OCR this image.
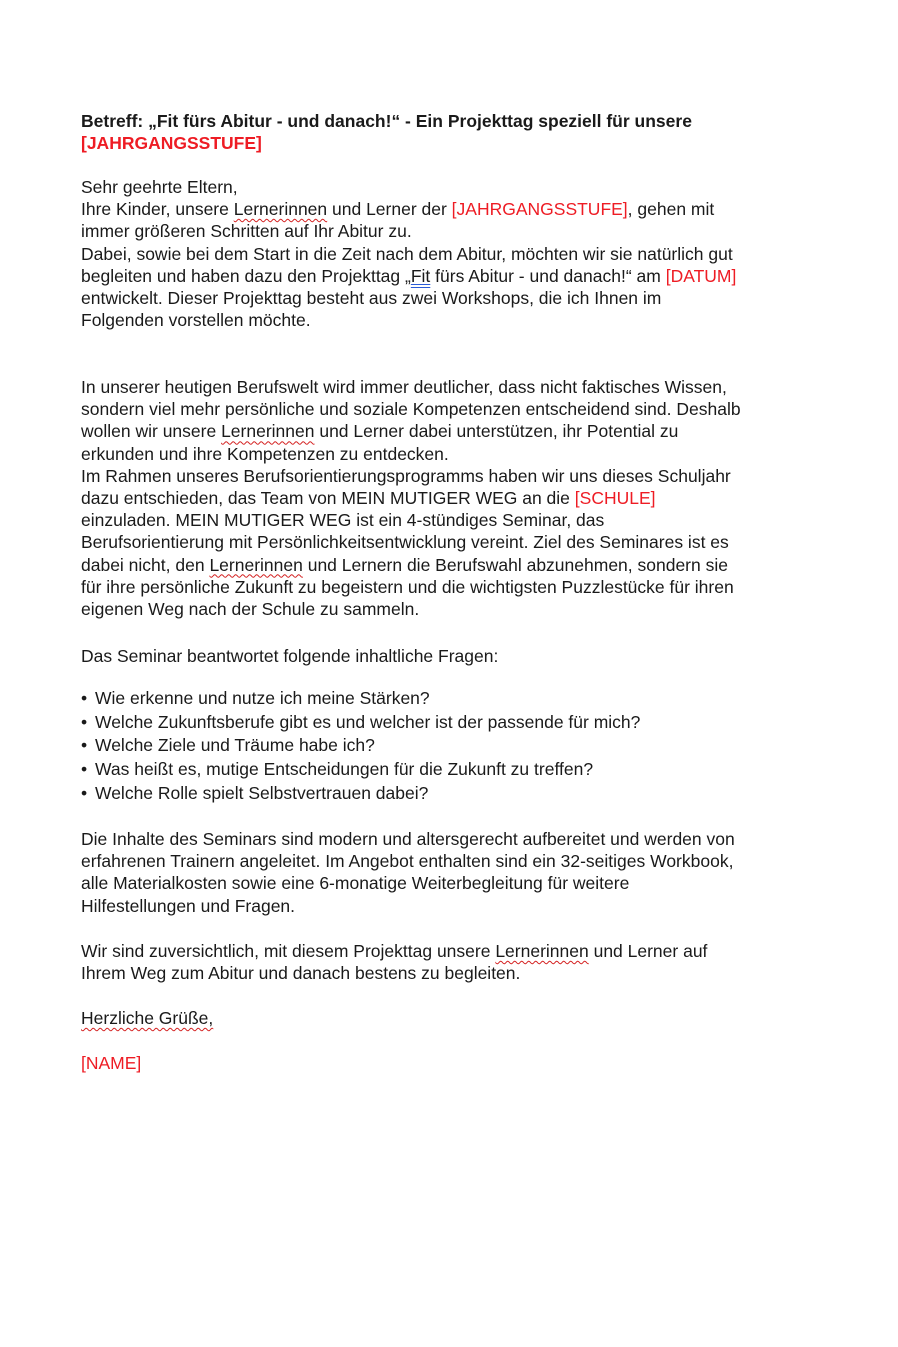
Betreff: „Fit fürs Abitur - und danach!“ - Ein Projekttag speziell für unsere
[JAHRGANGSSTUFE]
Sehr geehrte Eltern,
Ihre Kinder, unsere Lernerinnen und Lerner der [JAHRGANGSSTUFE], gehen mit
immer größeren Schritten auf Ihr Abitur zu.
Dabei, sowie bei dem Start in die Zeit nach dem Abitur, möchten wir sie natürlich gut
begleiten und haben dazu den Projekttag „Fit fürs Abitur - und danach!“ am [DATUM]
entwickelt. Dieser Projekttag besteht aus zwei Workshops, die ich Ihnen im
Folgenden vorstellen möchte.
In unserer heutigen Berufswelt wird immer deutlicher, dass nicht faktisches Wissen,
sondern viel mehr persönliche und soziale Kompetenzen entscheidend sind. Deshalb
wollen wir unsere Lernerinnen und Lerner dabei unterstützen, ihr Potential zu
erkunden und ihre Kompetenzen zu entdecken.
Im Rahmen unseres Berufsorientierungsprogramms haben wir uns dieses Schuljahr
dazu entschieden, das Team von MEIN MUTIGER WEG an die [SCHULE]
einzuladen. MEIN MUTIGER WEG ist ein 4-stündiges Seminar, das
Berufsorientierung mit Persönlichkeitsentwicklung vereint. Ziel des Seminares ist es
dabei nicht, den Lernerinnen und Lernern die Berufswahl abzunehmen, sondern sie
für ihre persönliche Zukunft zu begeistern und die wichtigsten Puzzlestücke für ihren
eigenen Weg nach der Schule zu sammeln.
Das Seminar beantwortet folgende inhaltliche Fragen:
• Wie erkenne und nutze ich meine Stärken?
• Welche Zukunftsberufe gibt es und welcher ist der passende für mich?
• Welche Ziele und Träume habe ich?
• Was heißt es, mutige Entscheidungen für die Zukunft zu treffen?
• Welche Rolle spielt Selbstvertrauen dabei?
Die Inhalte des Seminars sind modern und altersgerecht aufbereitet und werden von
erfahrenen Trainern angeleitet. Im Angebot enthalten sind ein 32-seitiges Workbook,
alle Materialkosten sowie eine 6-monatige Weiterbegleitung für weitere
Hilfestellungen und Fragen.
Wir sind zuversichtlich, mit diesem Projekttag unsere Lernerinnen und Lerner auf
Ihrem Weg zum Abitur und danach bestens zu begleiten.
Herzliche Grüße,
[NAME]
